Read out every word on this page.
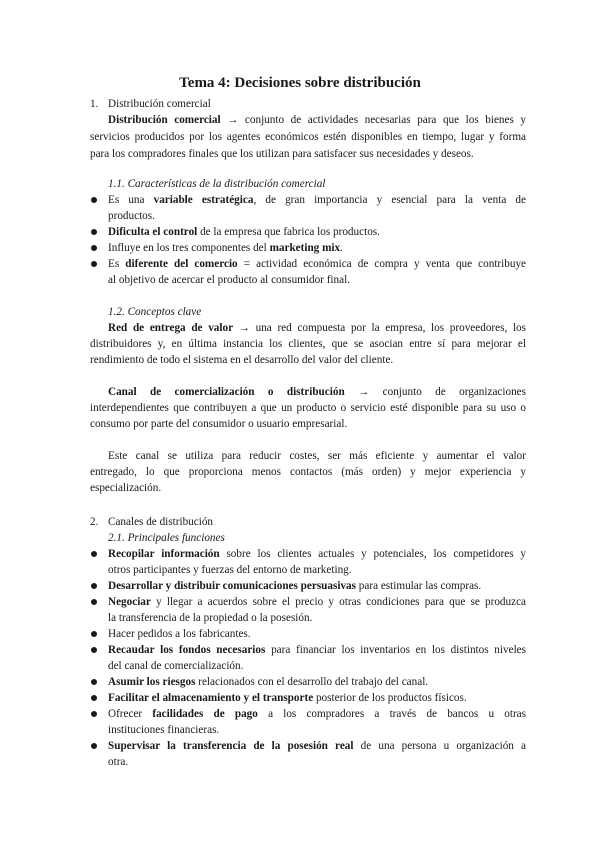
Tema 4: Decisiones sobre distribución
1. Distribución comercial
Distribución comercial → conjunto de actividades necesarias para que los bienes y
servicios producidos por los agentes económicos estén disponibles en tiempo, lugar y forma
para los compradores finales que los utilizan para satisfacer sus necesidades y deseos.
1.1. Características de la distribución comercial
Es una variable estratégica, de gran importancia y esencial para la venta de
productos.
Dificulta el control de la empresa que fabrica los productos.
Influye en los tres componentes del marketing mix.
Es diferente del comercio = actividad económica de compra y venta que contribuye
al objetivo de acercar el producto al consumidor final.
1.2. Conceptos clave
Red de entrega de valor → una red compuesta por la empresa, los proveedores, los
distribuidores y, en última instancia los clientes, que se asocian entre sí para mejorar el
rendimiento de todo el sistema en el desarrollo del valor del cliente.
Canal de comercialización o distribución → conjunto de organizaciones
interdependientes que contribuyen a que un producto o servicio esté disponible para su uso o
consumo por parte del consumidor o usuario empresarial.
Este canal se utiliza para reducir costes, ser más eficiente y aumentar el valor
entregado, lo que proporciona menos contactos (más orden) y mejor experiencia y
especialización.
2. Canales de distribución
2.1. Principales funciones
Recopilar información sobre los clientes actuales y potenciales, los competidores y
otros participantes y fuerzas del entorno de marketing.
Desarrollar y distribuir comunicaciones persuasivas para estimular las compras.
Negociar y llegar a acuerdos sobre el precio y otras condiciones para que se produzca
la transferencia de la propiedad o la posesión.
Hacer pedidos a los fabricantes.
Recaudar los fondos necesarios para financiar los inventarios en los distintos niveles
del canal de comercialización.
Asumir los riesgos relacionados con el desarrollo del trabajo del canal.
Facilitar el almacenamiento y el transporte posterior de los productos físicos.
Ofrecer facilidades de pago a los compradores a través de bancos u otras
instituciones financieras.
Supervisar la transferencia de la posesión real de una persona u organización a
otra.
